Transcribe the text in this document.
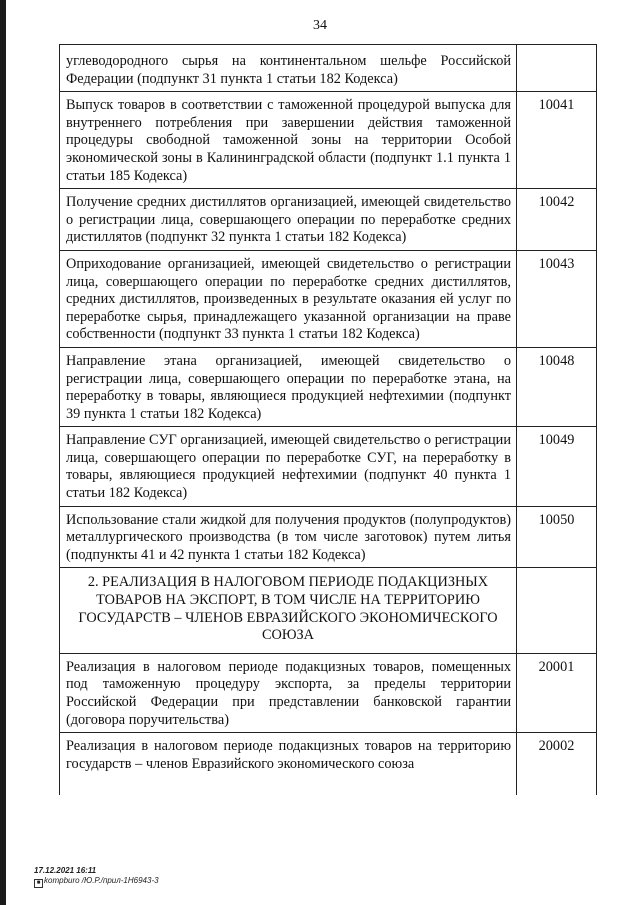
34
углеводородного сырья на континентальном шельфе Российской Федерации (подпункт 31 пункта 1 статьи 182 Кодекса)	
Выпуск товаров в соответствии с таможенной процедурой выпуска для внутреннего потребления при завершении действия таможенной процедуры свободной таможенной зоны на территории Особой экономической зоны в Калининградской области (подпункт 1.1 пункта 1 статьи 185 Кодекса)	10041
Получение средних дистиллятов организацией, имеющей свидетельство о регистрации лица, совершающего операции по переработке средних дистиллятов (подпункт 32 пункта 1 статьи 182 Кодекса)	10042
Оприходование организацией, имеющей свидетельство о регистрации лица, совершающего операции по переработке средних дистиллятов, средних дистиллятов, произведенных в результате оказания ей услуг по переработке сырья, принадлежащего указанной организации на праве собственности (подпункт 33 пункта 1 статьи 182 Кодекса)	10043
Направление этана организацией, имеющей свидетельство о регистрации лица, совершающего операции по переработке этана, на переработку в товары, являющиеся продукцией нефтехимии (подпункт 39 пункта 1 статьи 182 Кодекса)	10048
Направление СУГ организацией, имеющей свидетельство о регистрации лица, совершающего операции по переработке СУГ, на переработку в товары, являющиеся продукцией нефтехимии (подпункт 40 пункта 1 статьи 182 Кодекса)	10049
Использование стали жидкой для получения продуктов (полупродуктов) металлургического производства (в том числе заготовок) путем литья (подпункты 41 и 42 пункта 1 статьи 182 Кодекса)	10050
2. РЕАЛИЗАЦИЯ В НАЛОГОВОМ ПЕРИОДЕ ПОДАКЦИЗНЫХ ТОВАРОВ НА ЭКСПОРТ, В ТОМ ЧИСЛЕ НА ТЕРРИТОРИЮ ГОСУДАРСТВ – ЧЛЕНОВ ЕВРАЗИЙСКОГО ЭКОНОМИЧЕСКОГО СОЮЗА	
Реализация в налоговом периоде подакцизных товаров, помещенных под таможенную процедуру экспорта, за пределы территории Российской Федерации при представлении банковской гарантии (договора поручительства)	20001
Реализация в налоговом периоде подакцизных товаров на территорию государств – членов Евразийского экономического союза	20002
17.12.2021 16:11
■ kompburo /Ю.Р./прил-1Н6943-3
